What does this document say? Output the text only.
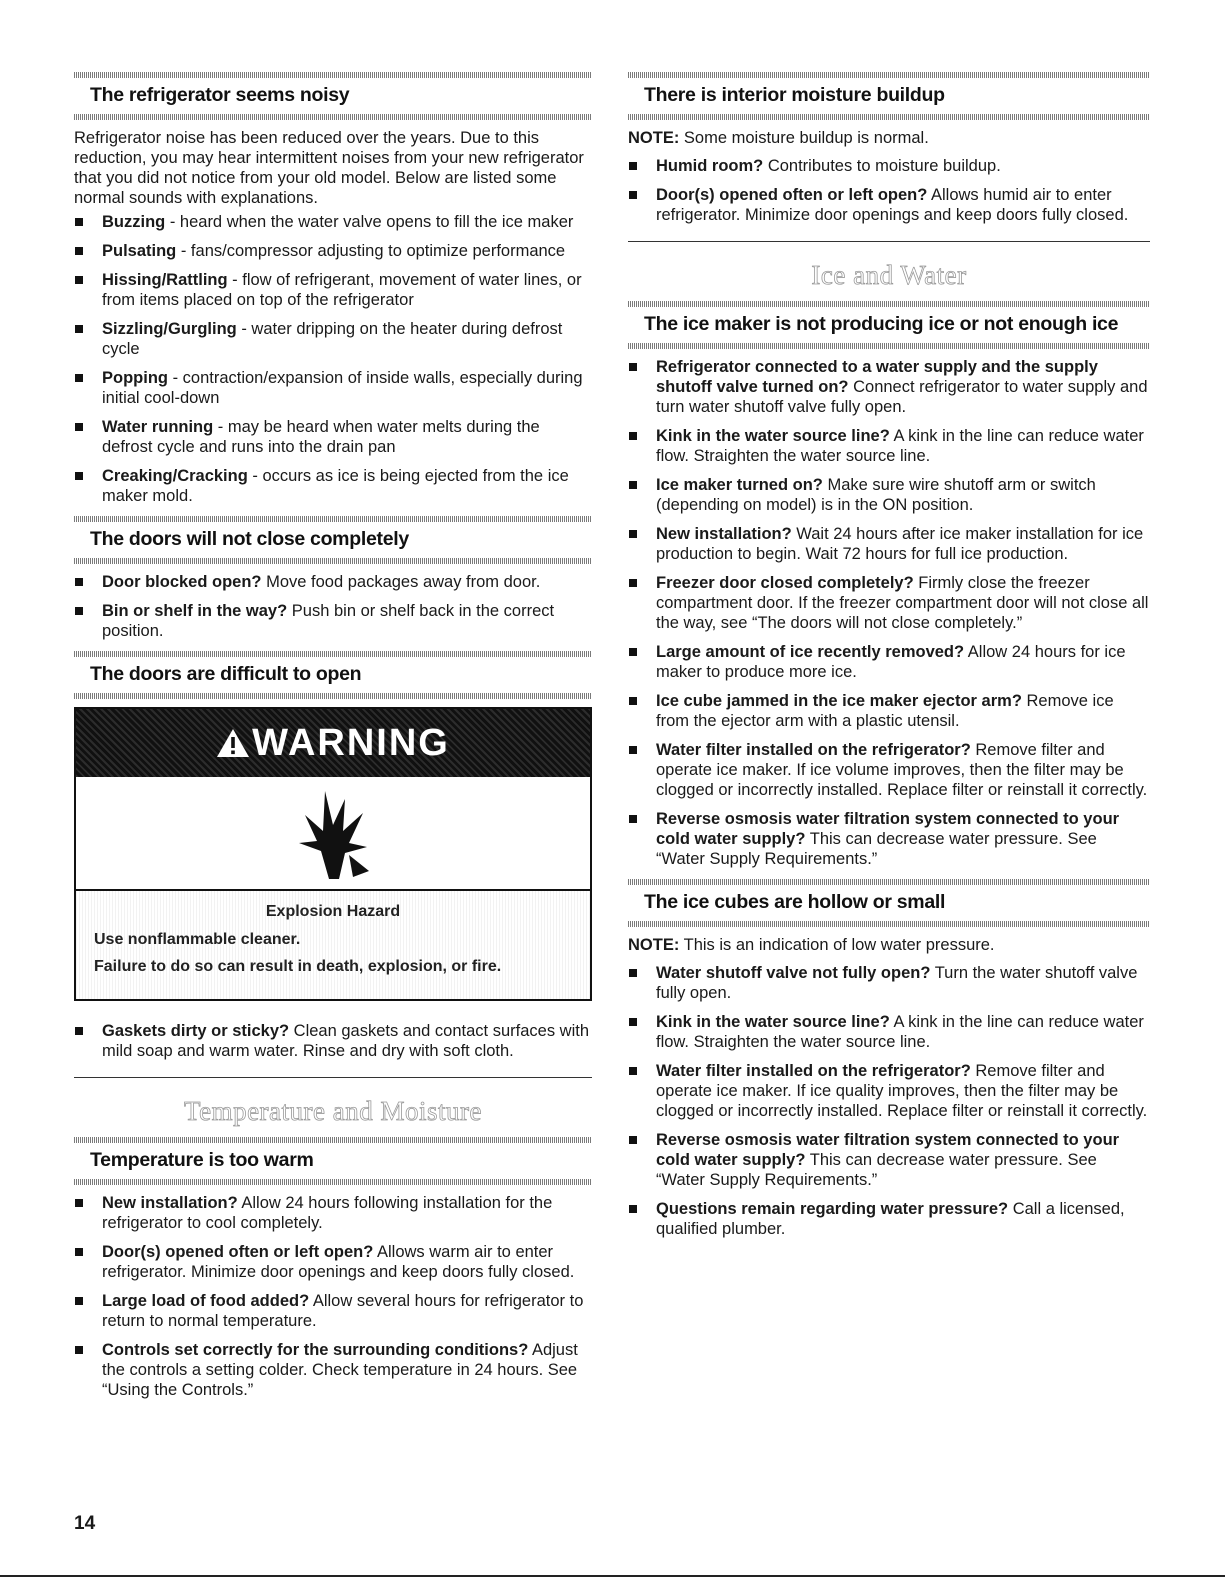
The refrigerator seems noisy

Refrigerator noise has been reduced over the years. Due to this reduction, you may hear intermittent noises from your new refrigerator that you did not notice from your old model. Below are listed some normal sounds with explanations.

Buzzing - heard when the water valve opens to fill the ice maker
Pulsating - fans/compressor adjusting to optimize performance
Hissing/Rattling - flow of refrigerant, movement of water lines, or from items placed on top of the refrigerator
Sizzling/Gurgling - water dripping on the heater during defrost cycle
Popping - contraction/expansion of inside walls, especially during initial cool-down
Water running - may be heard when water melts during the defrost cycle and runs into the drain pan
Creaking/Cracking - occurs as ice is being ejected from the ice maker mold.
The doors will not close completely
Door blocked open? Move food packages away from door.
Bin or shelf in the way? Push bin or shelf back in the correct position.
The doors are difficult to open
WARNING
Explosion Hazard
Use nonflammable cleaner.
Failure to do so can result in death, explosion, or fire.
Gaskets dirty or sticky? Clean gaskets and contact surfaces with mild soap and warm water. Rinse and dry with soft cloth.
Temperature and Moisture
Temperature is too warm
New installation? Allow 24 hours following installation for the refrigerator to cool completely.
Door(s) opened often or left open? Allows warm air to enter refrigerator. Minimize door openings and keep doors fully closed.
Large load of food added? Allow several hours for refrigerator to return to normal temperature.
Controls set correctly for the surrounding conditions? Adjust the controls a setting colder. Check temperature in 24 hours. See “Using the Controls.”
There is interior moisture buildup

NOTE: Some moisture buildup is normal.

Humid room? Contributes to moisture buildup.
Door(s) opened often or left open? Allows humid air to enter refrigerator. Minimize door openings and keep doors fully closed.
Ice and Water
The ice maker is not producing ice or not enough ice
Refrigerator connected to a water supply and the supply shutoff valve turned on? Connect refrigerator to water supply and turn water shutoff valve fully open.
Kink in the water source line? A kink in the line can reduce water flow. Straighten the water source line.
Ice maker turned on? Make sure wire shutoff arm or switch (depending on model) is in the ON position.
New installation? Wait 24 hours after ice maker installation for ice production to begin. Wait 72 hours for full ice production.
Freezer door closed completely? Firmly close the freezer compartment door. If the freezer compartment door will not close all the way, see “The doors will not close completely.”
Large amount of ice recently removed? Allow 24 hours for ice maker to produce more ice.
Ice cube jammed in the ice maker ejector arm? Remove ice from the ejector arm with a plastic utensil.
Water filter installed on the refrigerator? Remove filter and operate ice maker. If ice volume improves, then the filter may be clogged or incorrectly installed. Replace filter or reinstall it correctly.
Reverse osmosis water filtration system connected to your cold water supply? This can decrease water pressure. See “Water Supply Requirements.”
The ice cubes are hollow or small

NOTE: This is an indication of low water pressure.

Water shutoff valve not fully open? Turn the water shutoff valve fully open.
Kink in the water source line? A kink in the line can reduce water flow. Straighten the water source line.
Water filter installed on the refrigerator? Remove filter and operate ice maker. If ice quality improves, then the filter may be clogged or incorrectly installed. Replace filter or reinstall it correctly.
Reverse osmosis water filtration system connected to your cold water supply? This can decrease water pressure. See “Water Supply Requirements.”
Questions remain regarding water pressure? Call a licensed, qualified plumber.
14
